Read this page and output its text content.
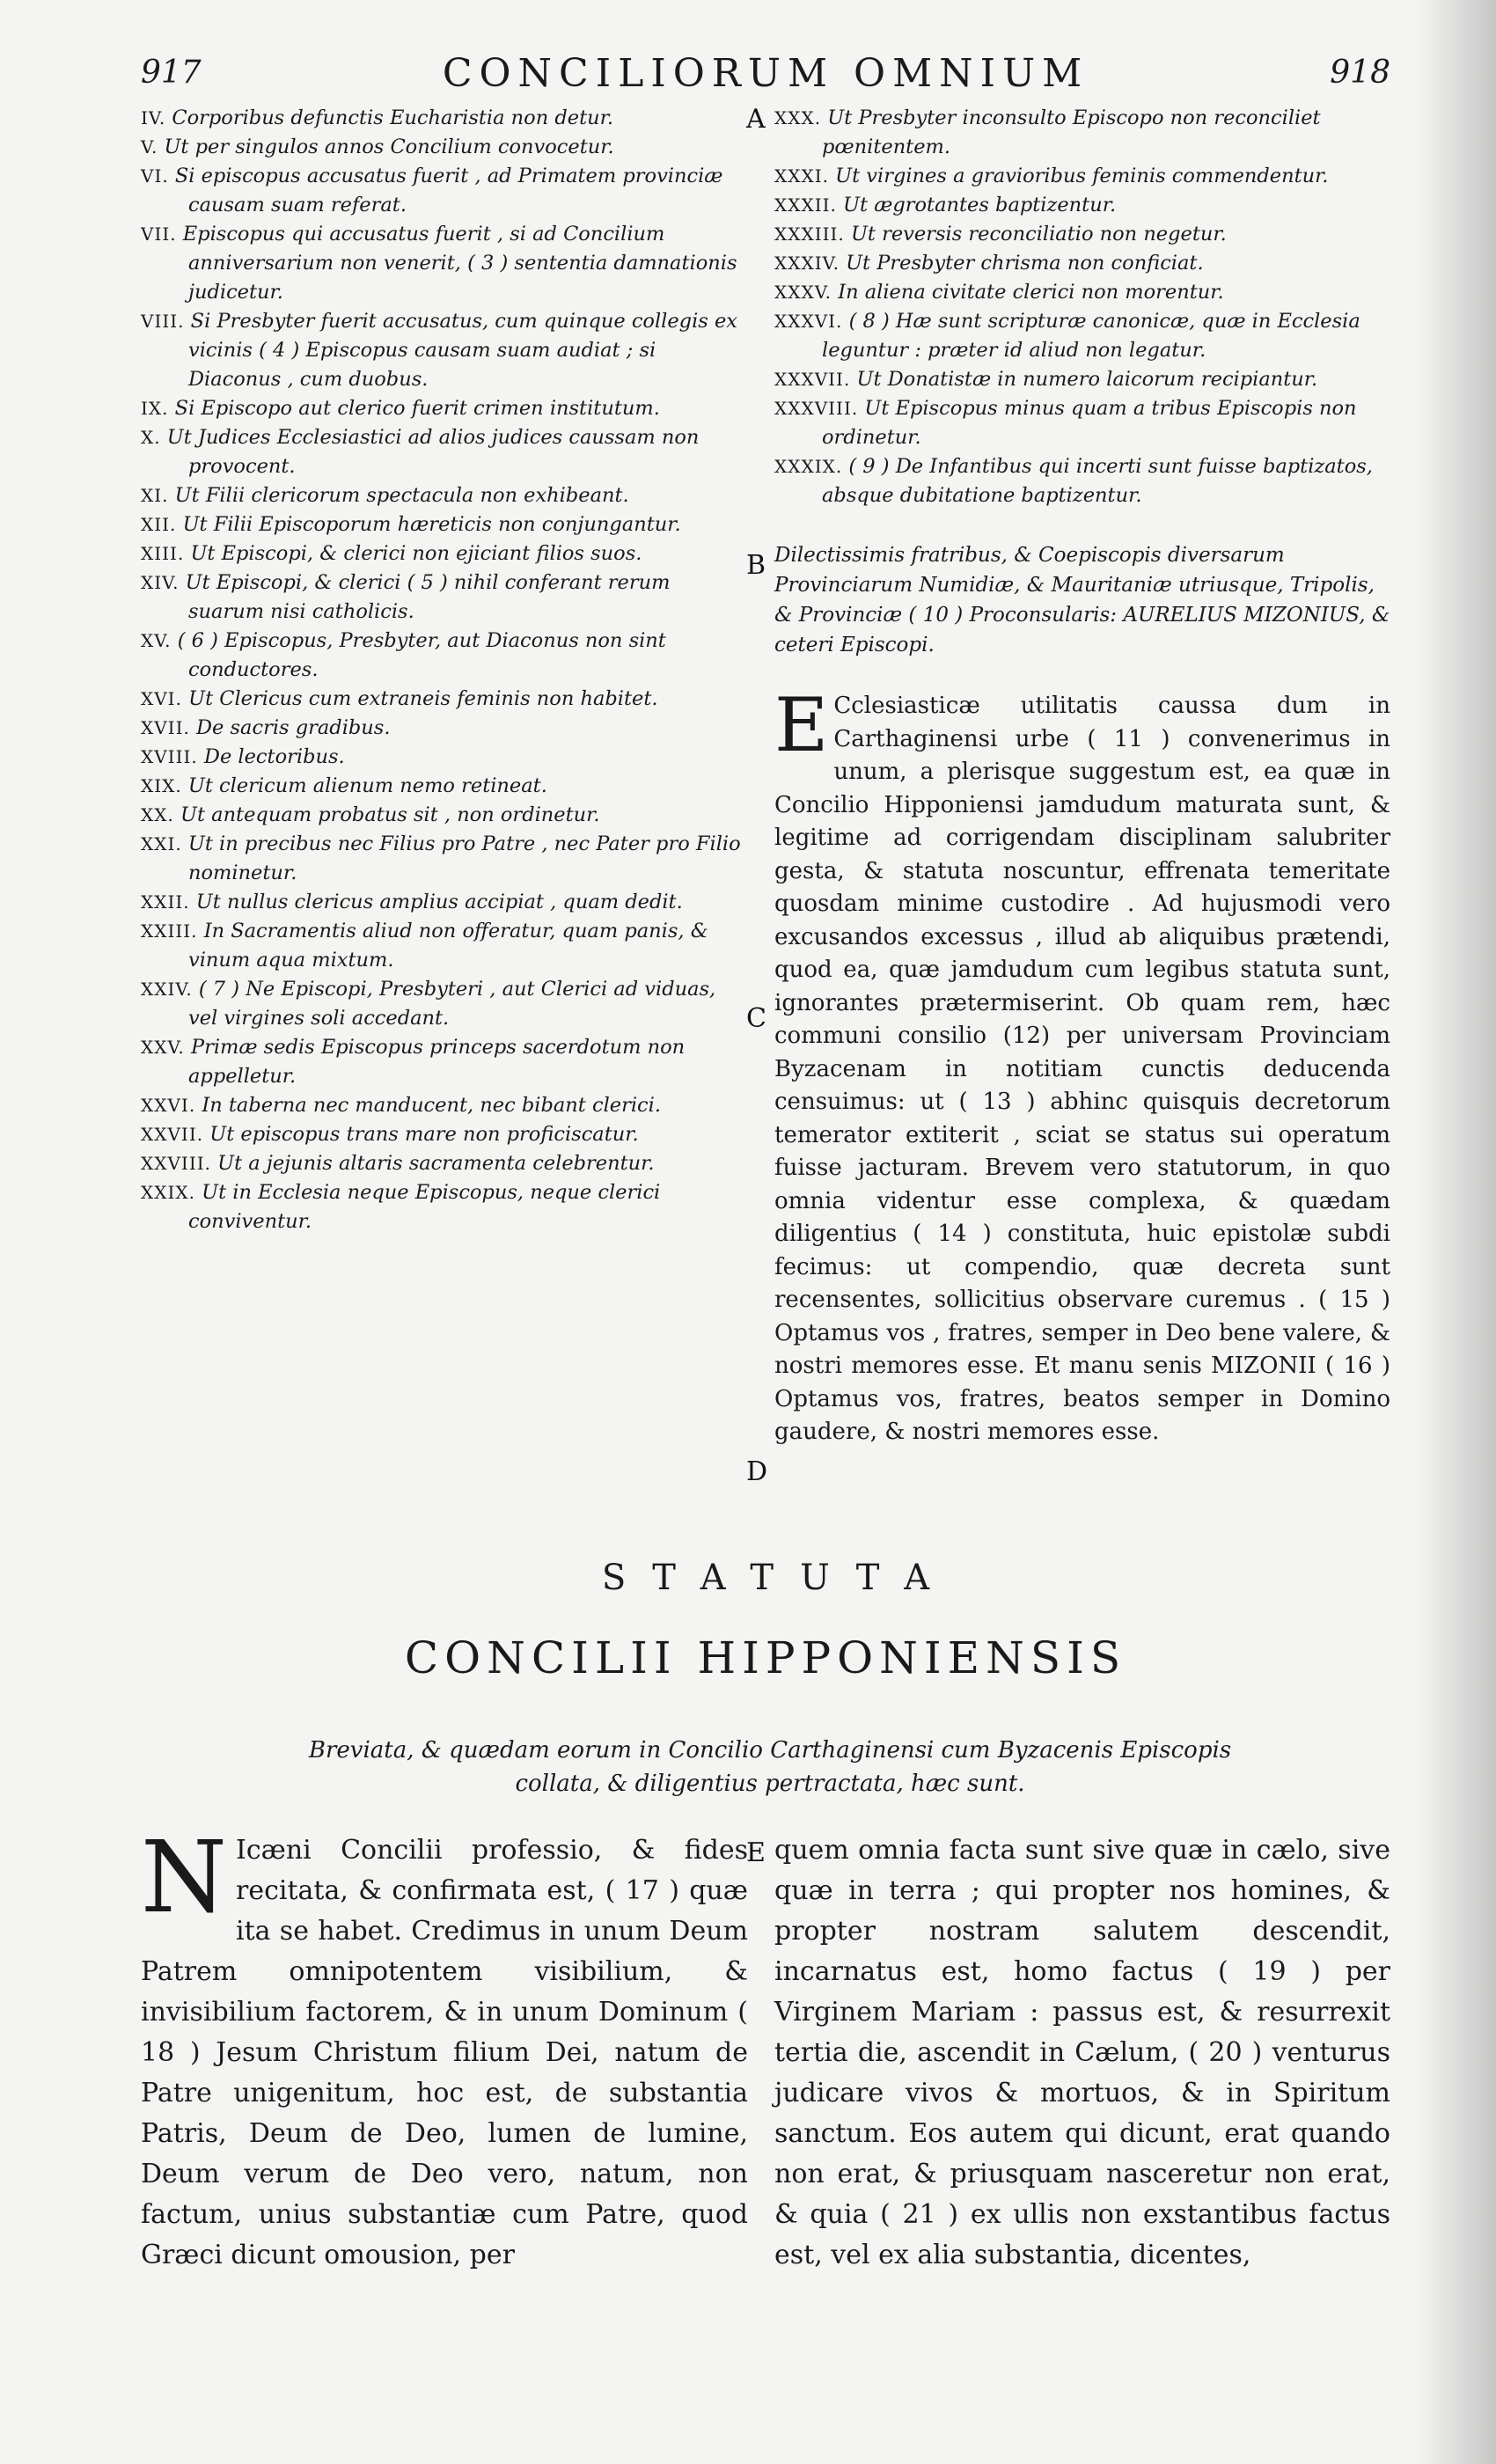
917	CONCILIORUM OMNIUM	918
IV. Corporibus defunctis Eucharistia non detur.
V. Ut per singulos annos Concilium convocetur.
VI. Si episcopus accusatus fuerit , ad Primatem provinciæ causam suam referat.
VII. Episcopus qui accusatus fuerit , si ad Concilium anniversarium non venerit, ( 3 ) sententia damnationis judicetur.
VIII. Si Presbyter fuerit accusatus, cum quinque collegis ex vicinis ( 4 ) Episcopus causam suam audiat ; si Diaconus , cum duobus.
IX. Si Episcopo aut clerico fuerit crimen institutum.
X. Ut Judices Ecclesiastici ad alios judices caussam non provocent.
XI. Ut Filii clericorum spectacula non exhibeant.
XII. Ut Filii Episcoporum hæreticis non conjungantur.
XIII. Ut Episcopi, & clerici non ejiciant filios suos.
XIV. Ut Episcopi, & clerici ( 5 ) nihil conferant rerum suarum nisi catholicis.
XV. ( 6 ) Episcopus, Presbyter, aut Diaconus non sint conductores.
XVI. Ut Clericus cum extraneis feminis non habitet.
XVII. De sacris gradibus.
XVIII. De lectoribus.
XIX. Ut clericum alienum nemo retineat.
XX. Ut antequam probatus sit , non ordinetur.
XXI. Ut in precibus nec Filius pro Patre , nec Pater pro Filio nominetur.
XXII. Ut nullus clericus amplius accipiat , quam dedit.
XXIII. In Sacramentis aliud non offeratur, quam panis, & vinum aqua mixtum.
XXIV. ( 7 ) Ne Episcopi, Presbyteri , aut Clerici ad viduas, vel virgines soli accedant.
XXV. Primæ sedis Episcopus princeps sacerdotum non appelletur.
XXVI. In taberna nec manducent, nec bibant clerici.
XXVII. Ut episcopus trans mare non proficiscatur.
XXVIII. Ut a jejunis altaris sacramenta celebrentur.
XXIX. Ut in Ecclesia neque Episcopus, neque clerici conviventur.
XXX. Ut Presbyter inconsulto Episcopo non reconciliet pœnitentem.
XXXI. Ut virgines a gravioribus feminis commendentur.
XXXII. Ut ægrotantes baptizentur.
XXXIII. Ut reversis reconciliatio non negetur.
XXXIV. Ut Presbyter chrisma non conficiat.
XXXV. In aliena civitate clerici non morentur.
XXXVI. ( 8 ) Hæ sunt scripturæ canonicæ, quæ in Ecclesia leguntur : præter id aliud non legatur.
XXXVII. Ut Donatistæ in numero laicorum recipiantur.
XXXVIII. Ut Episcopus minus quam a tribus Episcopis non ordinetur.
XXXIX. ( 9 ) De Infantibus qui incerti sunt fuisse baptizatos, absque dubitatione baptizentur.
Dilectissimis fratribus, & Coepiscopis diversarum Provinciarum Numidiæ, & Mauritaniæ utriusque, Tripolis, & Provinciæ ( 10 ) Proconsularis: AURELIUS MIZONIUS, & ceteri Episcopi.
E Cclesiasticæ utilitatis caussa dum in Carthaginensi urbe ( 11 ) convenerimus in unum, a plerisque suggestum est, ea quæ in Concilio Hipponiensi jamdudum maturata sunt, & legitime ad corrigendam disciplinam salubriter gesta, & statuta noscuntur, effrenata temeritate quosdam minime custodire . Ad hujusmodi vero excusandos excessus , illud ab aliquibus prætendi, quod ea, quæ jamdudum cum legibus statuta sunt, ignorantes prætermiserint. Ob quam rem, hæc communi consilio (12) per universam Provinciam Byzacenam in notitiam cunctis deducenda censuimus: ut ( 13 ) abhinc quisquis decretorum temerator extiterit , sciat se status sui operatum fuisse jacturam. Brevem vero statutorum, in quo omnia videntur esse complexa, & quædam diligentius ( 14 ) constituta, huic epistolæ subdi fecimus: ut compendio, quæ decreta sunt recensentes, sollicitius observare curemus . ( 15 ) Optamus vos , fratres, semper in Deo bene valere, & nostri memores esse. Et manu senis MIZONII ( 16 ) Optamus vos, fratres, beatos semper in Domino gaudere, & nostri memores esse.
A
B
C
D
E
STATUTA
CONCILII HIPPONIENSIS
Breviata, & quædam eorum in Concilio Carthaginensi cum Byzacenis Episcopis collata, & diligentius pertractata, hæc sunt.
N Icæni Concilii professio, & fides recitata, & confirmata est, ( 17 ) quæ ita se habet. Credimus in unum Deum Patrem omnipotentem visibilium, & invisibilium factorem, & in unum Dominum ( 18 ) Jesum Christum filium Dei, natum de Patre unigenitum, hoc est, de substantia Patris, Deum de Deo, lumen de lumine, Deum verum de Deo vero, natum, non factum, unius substantiæ cum Patre, quod Græci dicunt omousion, per
quem omnia facta sunt sive quæ in cælo, sive quæ in terra ; qui propter nos homines, & propter nostram salutem descendit, incarnatus est, homo factus ( 19 ) per Virginem Mariam : passus est, & resurrexit tertia die, ascendit in Cælum, ( 20 ) venturus judicare vivos & mortuos, & in Spiritum sanctum. Eos autem qui dicunt, erat quando non erat, & priusquam nasceretur non erat, & quia ( 21 ) ex ullis non exstantibus factus est, vel ex alia substantia, dicentes,
